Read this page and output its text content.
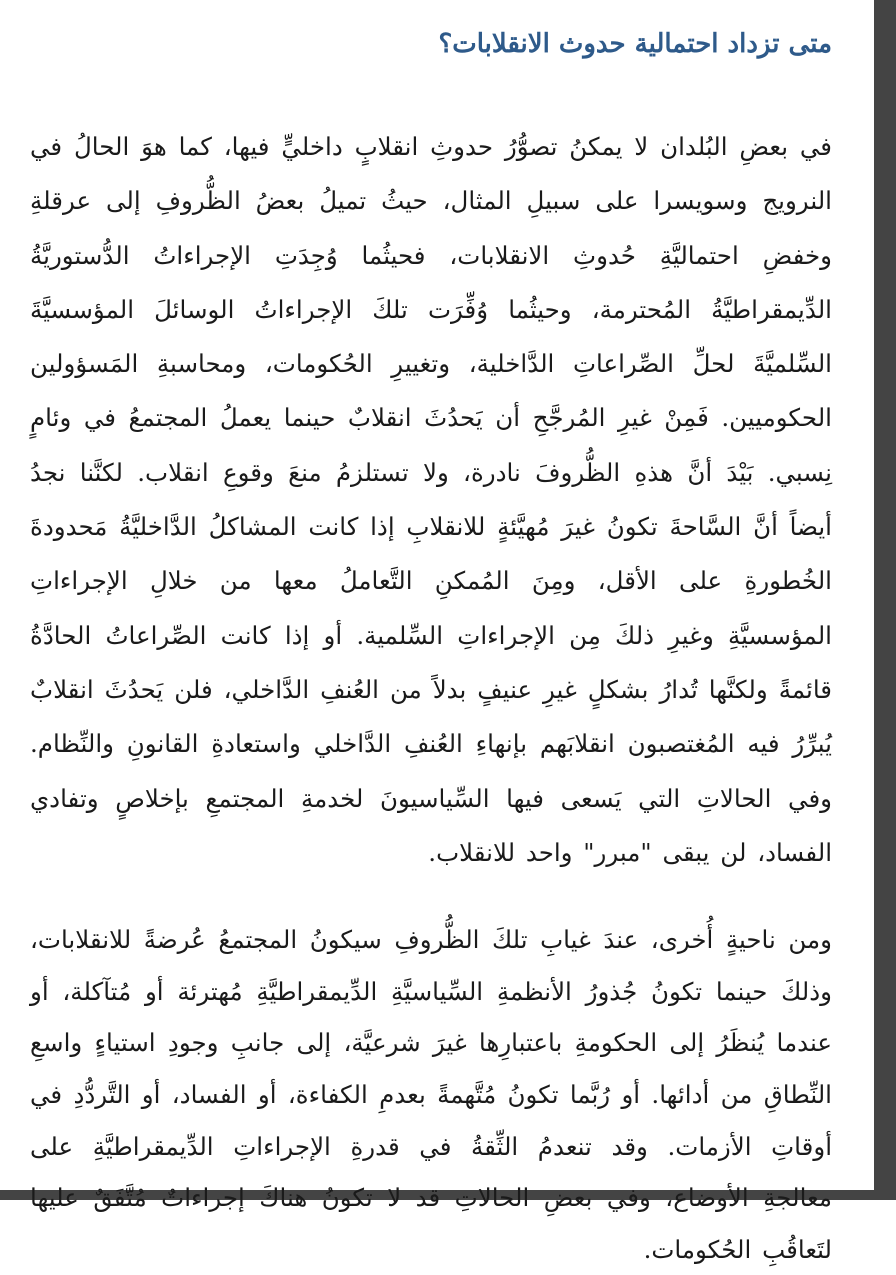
متى تزداد احتمالية حدوث الانقلابات؟

في بعضِ البُلدان لا يمكنُ تصوُّرُ حدوثِ انقلابٍ داخليٍّ فيها، كما هوَ الحالُ في النرويج وسويسرا على سبيلِ المثال، حيثُ تميلُ بعضُ الظُّروفِ إلى عرقلةِ وخفضِ احتماليَّةِ حُدوثِ الانقلابات، فحيثُما وُجِدَتِ الإجراءاتُ الدُّستوريَّةُ الدِّيمقراطيَّةُ المُحترمة، وحيثُما وُفِّرَت تلكَ الإجراءاتُ الوسائلَ المؤسسيَّةَ السِّلميَّةَ لحلِّ الصِّراعاتِ الدَّاخلية، وتغييرِ الحُكومات، ومحاسبةِ المَسؤولين الحكوميين. فَمِنْ غيرِ المُرجَّحِ أن يَحدُثَ انقلابٌ حينما يعملُ المجتمعُ في وئامٍ نِسبي. بَيْدَ أنَّ هذهِ الظُّروفَ نادرة، ولا تستلزمُ منعَ وقوعِ انقلاب. لكنَّنا نجدُ أيضاً أنَّ السَّاحةَ تكونُ غيرَ مُهيَّئةٍ للانقلابِ إذا كانت المشاكلُ الدَّاخليَّةُ مَحدودةَ الخُطورةِ على الأقل، ومِنَ المُمكنِ التَّعاملُ معها من خلالِ الإجراءاتِ المؤسسيَّةِ وغيرِ ذلكَ مِن الإجراءاتِ السِّلمية. أو إذا كانت الصِّراعاتُ الحادَّةُ قائمةً ولكنَّها تُدارُ بشكلٍ غيرِ عنيفٍ بدلاً من العُنفِ الدَّاخلي، فلن يَحدُثَ انقلابٌ يُبرِّرُ فيه المُغتصبون انقلابَهم بإنهاءِ العُنفِ الدَّاخلي واستعادةِ القانونِ والنِّظام. وفي الحالاتِ التي يَسعى فيها السِّياسيونَ لخدمةِ المجتمعِ بإخلاصٍ وتفادي الفساد، لن يبقى "مبرر" واحد للانقلاب.

ومن ناحيةٍ أُخرى، عندَ غيابِ تلكَ الظُّروفِ سيكونُ المجتمعُ عُرضةً للانقلابات، وذلكَ حينما تكونُ جُذورُ الأنظمةِ السِّياسيَّةِ الدِّيمقراطيَّةِ مُهترئة أو مُتآكلة، أو عندما يُنظَرُ إلى الحكومةِ باعتبارِها غيرَ شرعيَّة، إلى جانبِ وجودِ استياءٍ واسعِ النِّطاقِ من أدائها. أو رُبَّما تكونُ مُتَّهمةً بعدمِ الكفاءة، أو الفساد، أو التَّردُّدِ في أوقاتِ الأزمات. وقد تنعدمُ الثِّقةُ في قدرةِ الإجراءاتِ الدِّيمقراطيَّةِ على معالجةِ الأوضاع، وفي بعضِ الحالاتِ قد لا تكونُ هناكَ إجراءاتٌ مُتَّفَقٌ عليها لتَعاقُبِ الحُكومات.
